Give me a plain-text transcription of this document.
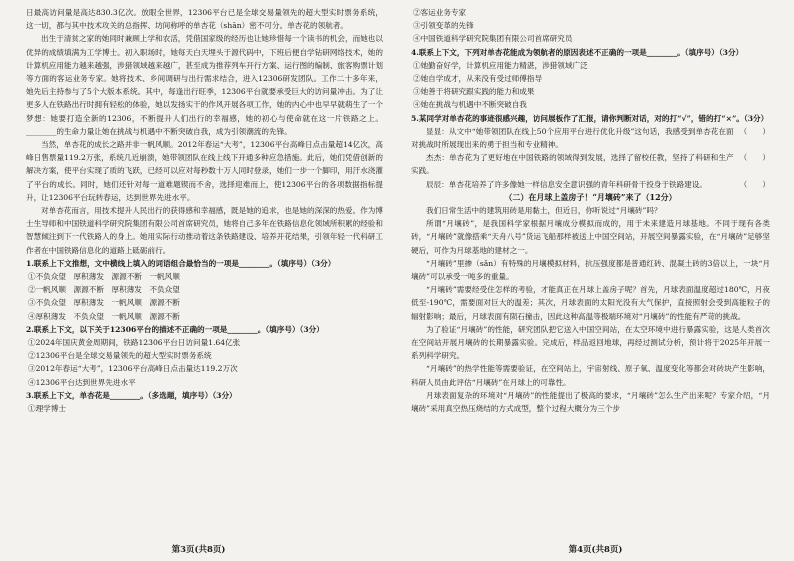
日最高访问量是高达830.3亿次。放眼全世界，12306平台已是全球交易量领先的超大型实时票务系统，这一切，都与其中技术攻关的总指挥、坊间称呼的单杏花（shān）密不可分。单杏花的领航者。

出生于清贫之家的她同时兼顾上学和农活，凭借国家级的经历也让她珍惜每一个读书的机会，而她也以优异的成绩填满为工学博士。初入职场时，她每天白天埋头于源代码中，下班后便自学钻研网络技术，她的计算机应用能力越来越强，涉猎领域越来越广，甚至成为推荐列车开行方案、运行图的编制、旅客购票计划等方面的客运业务专家。她将技术、乡间调研与出行需求结合，进入12306研发团队。工作二十多年来，她先后主持参与了5个大版本系统。其中，每逢出行旺季，12306平台就要承受巨大的访问量冲击。为了让更多人在铁路出行时拥有轻松的体验，她以发扬实干的作风开展各项工作，她的内心中也早早就萌生了一个梦想：她要打造全新的12306，不断提升人们出行的幸福感，她的初心与使命就在这一片铁路之上。________的生命力量让她在挑战与机遇中不断突破自我，成为引领潮流的先锋。

当然，单杏花的成长之路并非一帆风顺。2012年春运“大考”，12306平台高峰日点击量超14亿次，高峰日售票量119.2万张，系统几近崩溃，她带领团队在线上线下开通多种应急措施。此后，她们凭借创新的解决方案，使平台实现了质的飞跃，已经可以应对每秒数十万人同时登录，她们一步一个脚印，用汗水浇灌了平台的成长。同时，她们还针对每一道难题锲而不舍，选择迎难而上，使12306平台的各项数据指标提升，让12306平台玩转春运，达到世界先进水平。

对单杏花而言，用技术提升人民出行的获得感和幸福感，既是她的追求，也是她的深深的热爱。作为博士生导师和中国铁道科学研究院集团有限公司首席研究员，她将自己多年在铁路信息化领域所积累的经验和智慧倾注到下一代铁路人的身上。她用实际行动推动着这条铁路建设、培养开花结果，引领年轻一代科研工作者在中国铁路信息化的道路上砥砺前行。

1.联系上下文推想，文中横线上填入的词语组合最恰当的一项是________。（填序号）（3分）

①不负众望　厚积薄发　源源不断　一帆风顺

②一帆风顺　源源不断　厚积薄发　不负众望

③不负众望　厚积薄发　一帆风顺　源源不断

④厚积薄发　不负众望　一帆风顺　源源不断

2.联系上下文，以下关于12306平台的描述不正确的一项是________。（填序号）（3分）

①2024年国庆黄金周期间，铁路12306平台日访问量1.64亿张

②12306平台是全球交易量领先的超大型实时票务系统

③2012年春运“大考”，12306平台高峰日点击量达119.2万次

④12306平台达到世界先进水平

3.联系上下文，单杏花是________。（多选题，填序号）（3分）

①理学博士

第3页(共8页)

②客运业务专家

③引领变革的先锋

④中国铁道科学研究院集团有限公司首席研究员

4.联系上下文，下列对单杏花能成为领航者的原因表述不正确的一项是________。（填序号）（3分）

①她勤奋好学，计算机应用能力精湛，涉猎领域广泛

②她自学成才，从来没有受过师傅指导

③她善于将研究跟实践的能力和成果

④她在挑战与机遇中不断突破自我

5.某同学对单杏花的事迹很感兴趣，访问展板作了汇报，请你判断对话，对的打“√”，错的打“×”。（3分）

显显：从文中“她带领团队在线上50个应用平台进行优化升级”这句话，我感受到单杏花在面对挑战时所展现出来的勇于担当和专业精神。

（　　）

杰杰：单杏花为了更好地在中国铁路的领域得到发展，选择了留校任教，坚持了科研和生产实践。

（　　）

辰辰：单杏花培养了许多像她一样信息安全意识强的青年科研骨干投身于铁路建设。	（　　）

（二）在月球上盖房子！“月壤砖”来了（12分）

我们日常生活中的建筑用砖是用黏土，但近日，你听说过“月壤砖”吗？

所谓“月壤砖”，是我国科学家根据月壤成分模拟而成的，用于未来建造月球基地。不同于现有各类砖，“月壤砖”就像搭乘“天舟八号”货运飞船那样被送上中国空间站，开展空间暴露实验，在“月壤砖”足够坚硬后，可作为月球基地的建材之一。

“月壤砖”里掺（sǎn）有特殊的月壤模拟材料，抗压强度都是普通红砖、混凝土砖的3倍以上，一块“月壤砖”可以承受一吨多的重量。

“月壤砖”需要经受住怎样的考验，才能真正在月球上盖房子呢？首先，月球表面温度超过180℃，月夜低至-190℃，需要面对巨大的温差；其次，月球表面的太阳光没有大气保护，直接照射会受到高能粒子的辐射影响；最后，月球表面有陨石撞击，因此这种高温等极端环境对“月壤砖”的性能有严苛的挑战。

为了验证“月壤砖”的性能，研究团队把它送入中国空间站，在太空环境中进行暴露实验，这是人类首次在空间站开展月壤砖的长期暴露实验。完成后，样品返回地球，再经过测试分析，预计将于2025年开展一系列科学研究。

“月壤砖”的热学性能等需要验证，在空间站上，宇宙射线、原子氧、温度变化等都会对砖块产生影响，科研人员由此评估“月壤砖”在月球上的可靠性。

月球表面复杂的环境对“月壤砖”的性能提出了极高的要求，“月壤砖”怎么生产出来呢？专家介绍，“月壤砖”采用真空热压烧结的方式成型，整个过程大概分为三个步

第4页(共8页)
